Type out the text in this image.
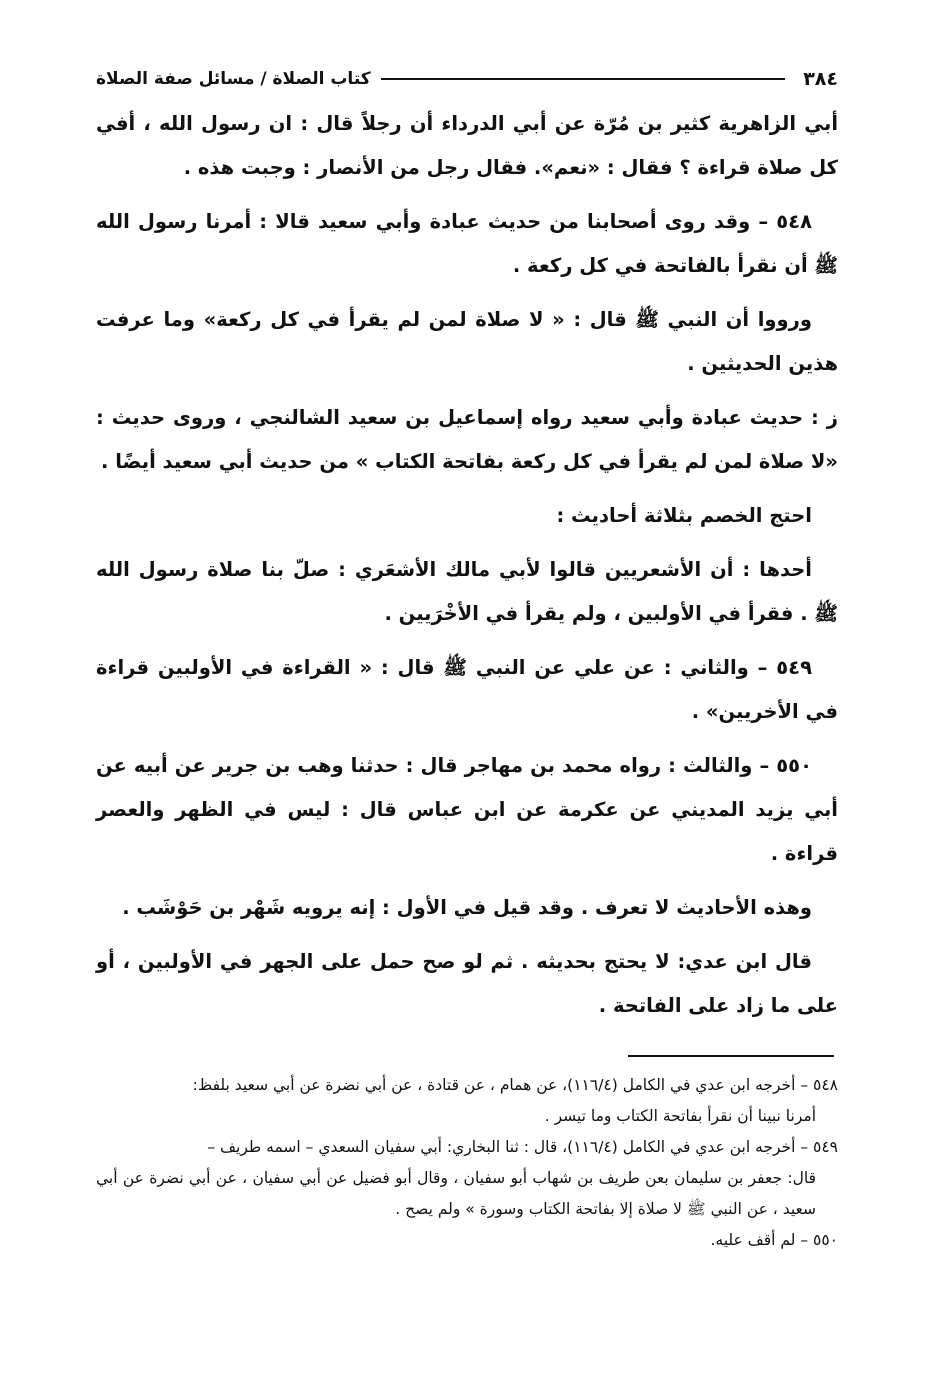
٣٨٤
كتاب الصلاة / مسائل صفة الصلاة

أبي الزاهرية كثير بن مُرّة عن أبي الدرداء أن رجلاً قال : ان رسول الله ، أفي كل صلاة قراءة ؟ فقال : «نعم». فقال رجل من الأنصار : وجبت هذه .

٥٤٨ – وقد روى أصحابنا من حديث عبادة وأبي سعيد قالا : أمرنا رسول الله ﷺ أن نقرأ بالفاتحة في كل ركعة .

ورووا أن النبي ﷺ قال : « لا صلاة لمن لم يقرأ في كل ركعة» وما عرفت هذين الحديثين .

ز : حديث عبادة وأبي سعيد رواه إسماعيل بن سعيد الشالنجي ، وروى حديث : «لا صلاة لمن لم يقرأ في كل ركعة بفاتحة الكتاب » من حديث أبي سعيد أيضًا .

احتج الخصم بثلاثة أحاديث :

أحدها : أن الأشعريين قالوا لأبي مالك الأشعَري : صلّ بنا صلاة رسول الله ﷺ . فقرأ في الأولبين ، ولم يقرأ في الأخْرَيين .

٥٤٩ – والثاني : عن علي عن النبي ﷺ قال : « القراءة في الأولبين قراءة في الأخريين» .

٥٥٠ – والثالث : رواه محمد بن مهاجر قال : حدثنا وهب بن جرير عن أبيه عن أبي يزيد المديني عن عكرمة عن ابن عباس قال : ليس في الظهر والعصر قراءة .

وهذه الأحاديث لا تعرف . وقد قيل في الأول : إنه يرويه شَهْر بن حَوْشَب .

قال ابن عدي: لا يحتج بحديثه . ثم لو صح حمل على الجهر في الأولبين ، أو على ما زاد على الفاتحة .

٥٤٨ – أخرجه ابن عدي في الكامل (١١٦/٤)، عن همام ، عن قتادة ، عن أبي نضرة عن أبي سعيد بلفظ:
أمرنا نبينا أن نقرأ بفاتحة الكتاب وما تيسر .

٥٤٩ – أخرجه ابن عدي في الكامل (١١٦/٤)، قال : ثنا البخاري: أبي سفيان السعدي – اسمه طريف –
قال: جعفر بن سليمان بعن طريف بن شهاب أبو سفيان ، وقال أبو فضيل عن أبي سفيان ، عن أبي نضرة عن أبي سعيد ، عن النبي ﷺ لا صلاة إلا بفاتحة الكتاب وسورة » ولم يصح .

٥٥٠ – لم أقف عليه.
